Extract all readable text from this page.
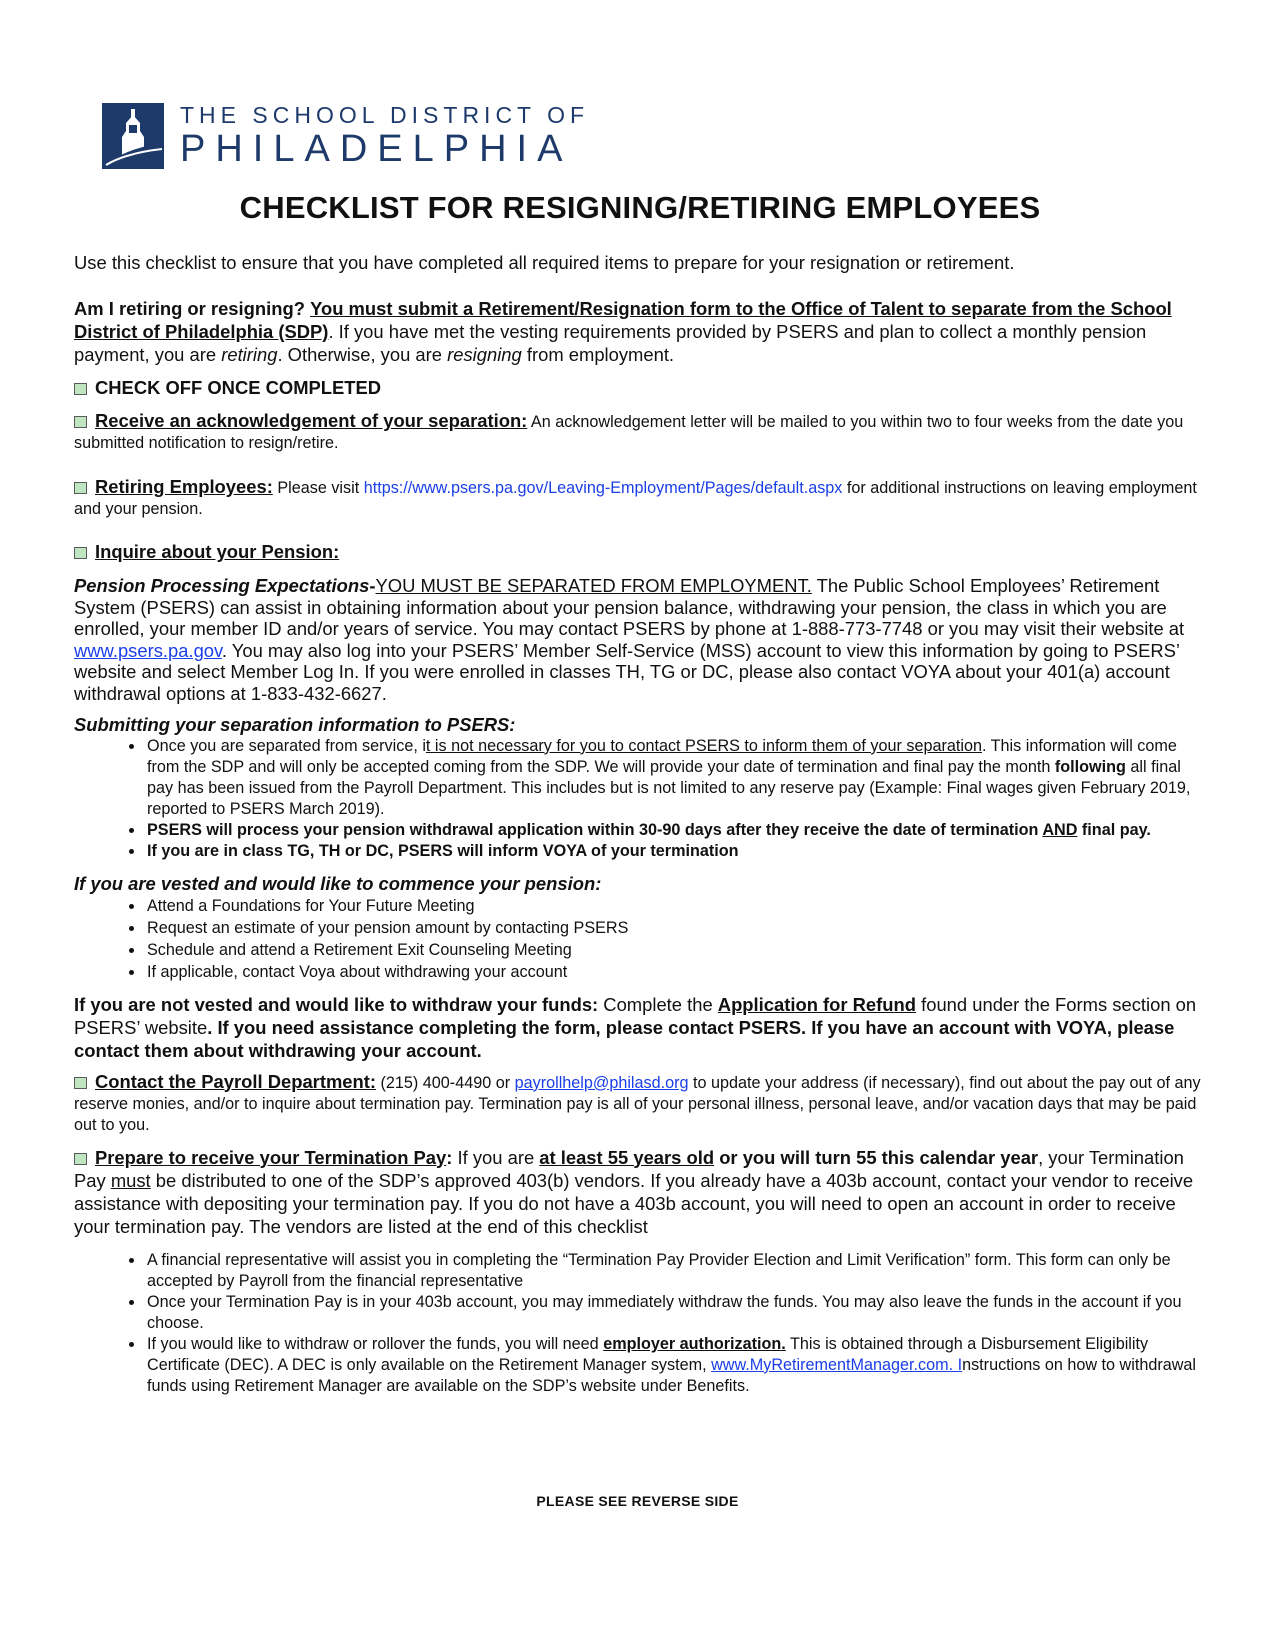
THE SCHOOL DISTRICT OF
PHILADELPHIA
CHECKLIST FOR RESIGNING/RETIRING EMPLOYEES

Use this checklist to ensure that you have completed all required items to prepare for your resignation or retirement.

Am I retiring or resigning? You must submit a Retirement/Resignation form to the Office of Talent to separate from the School District of Philadelphia (SDP). If you have met the vesting requirements provided by PSERS and plan to collect a monthly pension payment, you are retiring. Otherwise, you are resigning from employment.

CHECK OFF ONCE COMPLETED

Receive an acknowledgement of your separation: An acknowledgement letter will be mailed to you within two to four weeks from the date you submitted notification to resign/retire.

Retiring Employees: Please visit https://www.psers.pa.gov/Leaving-Employment/Pages/default.aspx for additional instructions on leaving employment and your pension.

Inquire about your Pension:

Pension Processing Expectations-YOU MUST BE SEPARATED FROM EMPLOYMENT. The Public School Employees’ Retirement System (PSERS) can assist in obtaining information about your pension balance, withdrawing your pension, the class in which you are enrolled, your member ID and/or years of service. You may contact PSERS by phone at 1-888-773-7748 or you may visit their website at www.psers.pa.gov. You may also log into your PSERS’ Member Self-Service (MSS) account to view this information by going to PSERS’ website and select Member Log In. If you were enrolled in classes TH, TG or DC, please also contact VOYA about your 401(a) account withdrawal options at 1-833-432-6627.

Submitting your separation information to PSERS:

• Once you are separated from service, it is not necessary for you to contact PSERS to inform them of your separation. This information will come from the SDP and will only be accepted coming from the SDP. We will provide your date of termination and final pay the month following all final pay has been issued from the Payroll Department. This includes but is not limited to any reserve pay (Example: Final wages given February 2019, reported to PSERS March 2019).
• PSERS will process your pension withdrawal application within 30-90 days after they receive the date of termination AND final pay.
• If you are in class TG, TH or DC, PSERS will inform VOYA of your termination

If you are vested and would like to commence your pension:

• Attend a Foundations for Your Future Meeting
• Request an estimate of your pension amount by contacting PSERS
• Schedule and attend a Retirement Exit Counseling Meeting
• If applicable, contact Voya about withdrawing your account

If you are not vested and would like to withdraw your funds: Complete the Application for Refund found under the Forms section on PSERS’ website. If you need assistance completing the form, please contact PSERS. If you have an account with VOYA, please contact them about withdrawing your account.

Contact the Payroll Department: (215) 400-4490 or payrollhelp@philasd.org to update your address (if necessary), find out about the pay out of any reserve monies, and/or to inquire about termination pay. Termination pay is all of your personal illness, personal leave, and/or vacation days that may be paid out to you.

Prepare to receive your Termination Pay: If you are at least 55 years old or you will turn 55 this calendar year, your Termination Pay must be distributed to one of the SDP’s approved 403(b) vendors. If you already have a 403b account, contact your vendor to receive assistance with depositing your termination pay. If you do not have a 403b account, you will need to open an account in order to receive your termination pay. The vendors are listed at the end of this checklist

• A financial representative will assist you in completing the “Termination Pay Provider Election and Limit Verification” form. This form can only be accepted by Payroll from the financial representative
• Once your Termination Pay is in your 403b account, you may immediately withdraw the funds. You may also leave the funds in the account if you choose.
• If you would like to withdraw or rollover the funds, you will need employer authorization. This is obtained through a Disbursement Eligibility Certificate (DEC). A DEC is only available on the Retirement Manager system, www.MyRetirementManager.com. Instructions on how to withdrawal funds using Retirement Manager are available on the SDP’s website under Benefits.
PLEASE SEE REVERSE SIDE
